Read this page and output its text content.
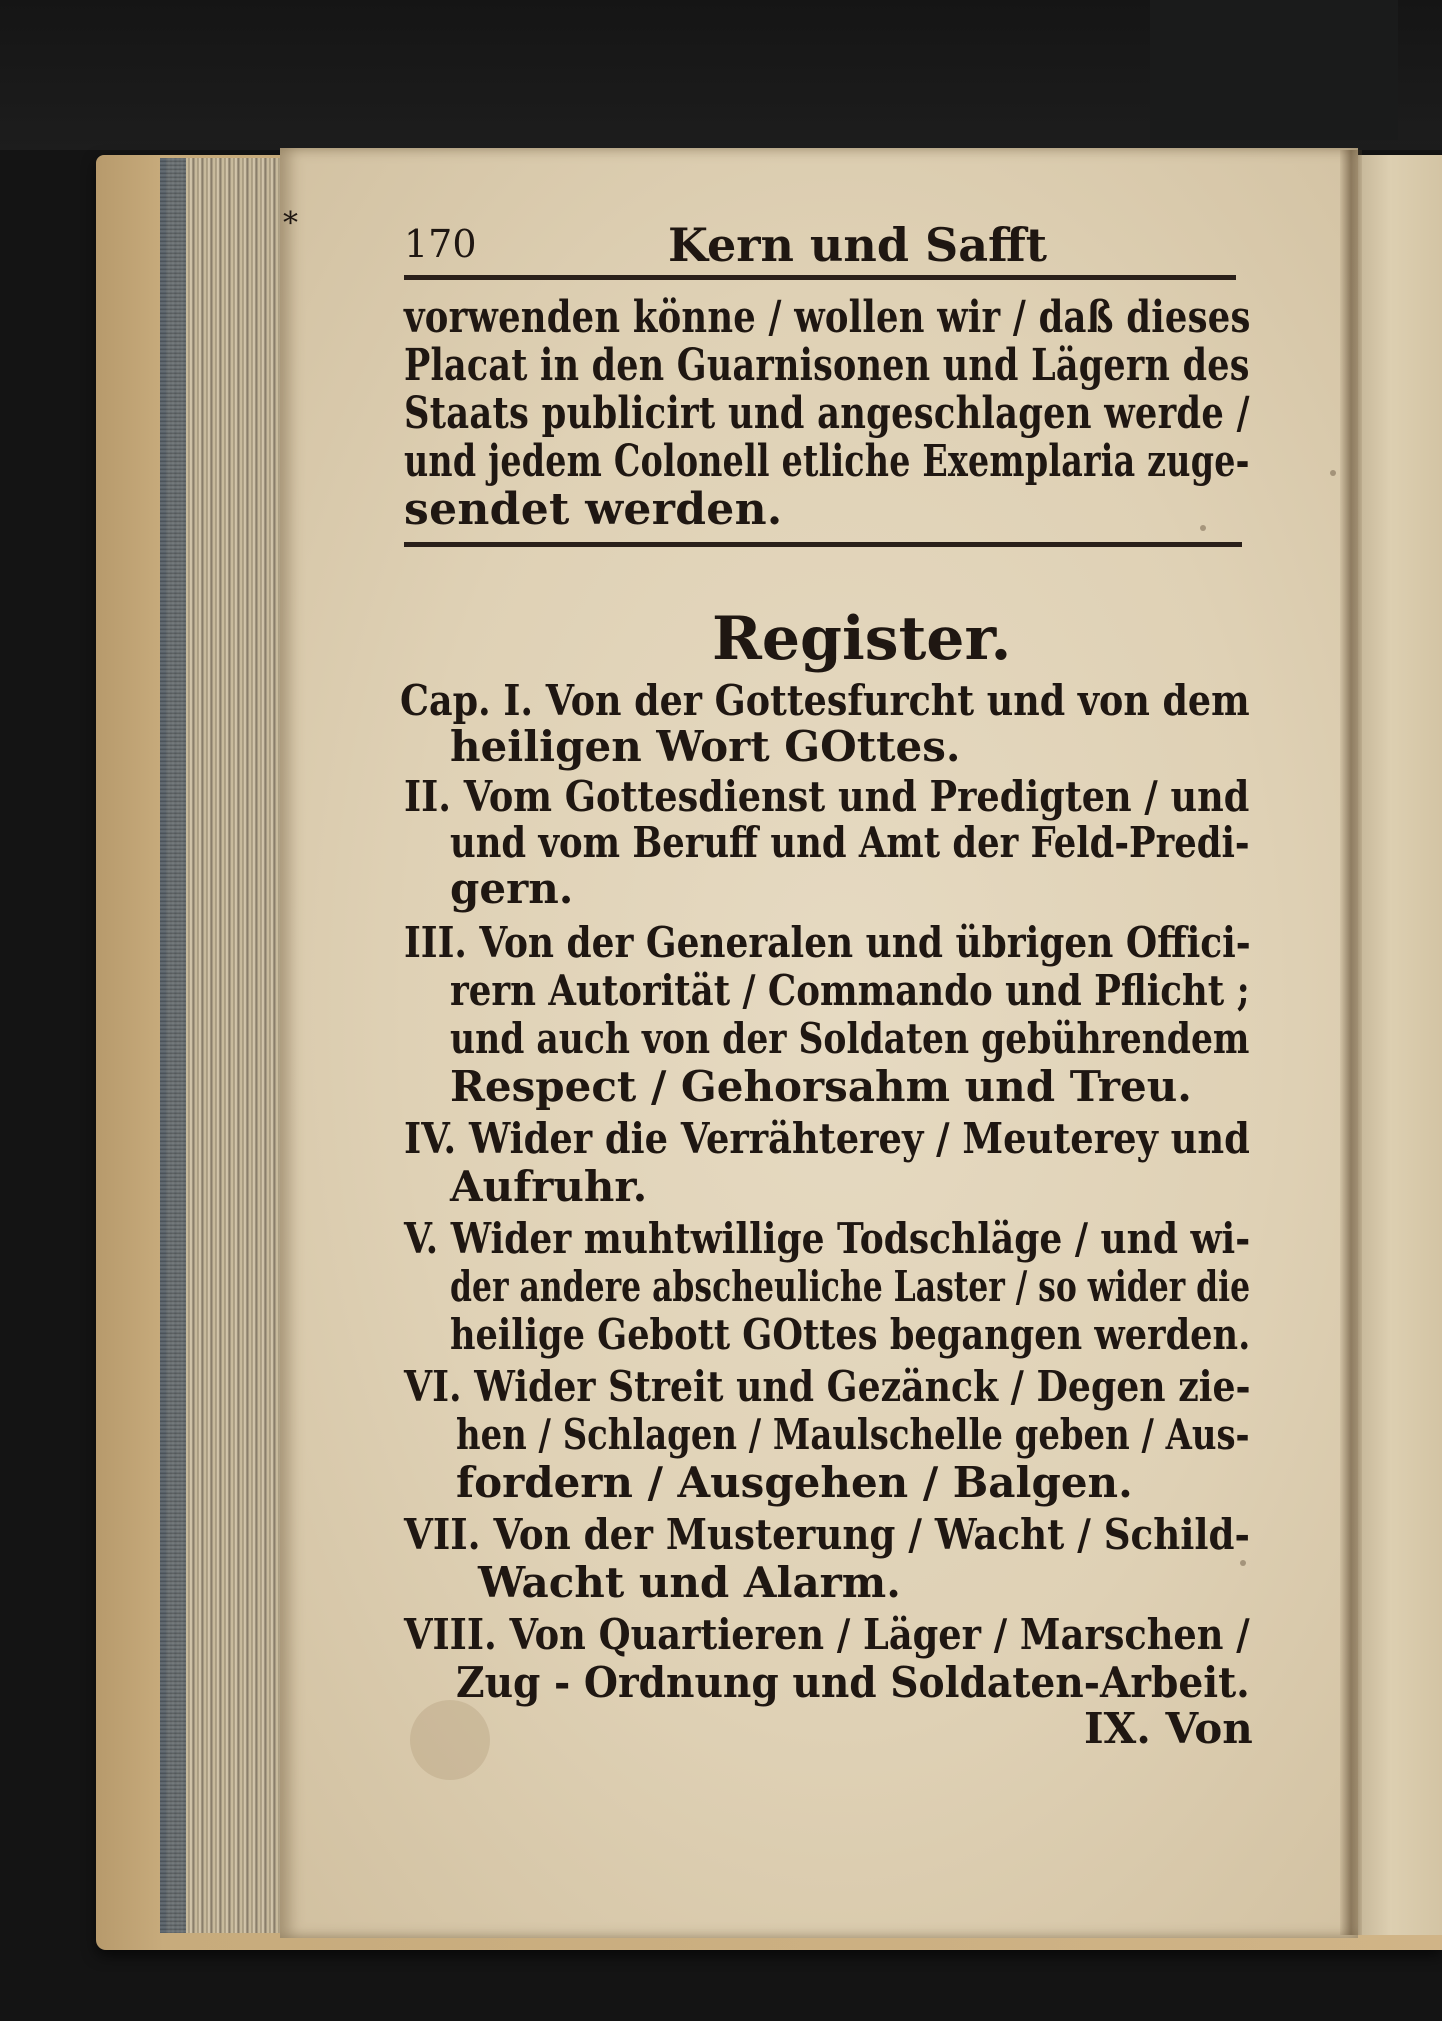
*	170	Kern und Safft
vorwenden könne / wollen wir / daß dieses
Placat in den Guarnisonen und Lägern des
Staats publicirt und angeschlagen werde /
und jedem Colonell etliche Exemplaria zuge-
sendet werden.
Register.
Cap. I. Von der Gottesfurcht und von dem
heiligen Wort GOttes.
II. Vom Gottesdienst und Predigten / und
und vom Beruff und Amt der Feld-Predi-
gern.
III. Von der Generalen und übrigen Offici-
rern Autorität / Commando und Pflicht ;
und auch von der Soldaten gebührendem
Respect / Gehorsahm und Treu.
IV. Wider die Verrähterey / Meuterey und
Aufruhr.
V. Wider muhtwillige Todschläge / und wi-
der andere abscheuliche Laster / so wider die
heilige Gebott GOttes begangen werden.
VI. Wider Streit und Gezänck / Degen zie-
hen / Schlagen / Maulschelle geben / Aus-
fordern / Ausgehen / Balgen.
VII. Von der Musterung / Wacht / Schild-
Wacht und Alarm.
VIII. Von Quartieren / Läger / Marschen /
Zug - Ordnung und Soldaten-Arbeit.
IX. Von
